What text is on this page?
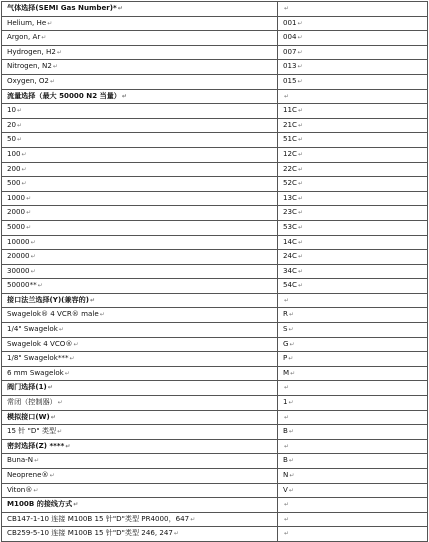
气体选择(SEMI Gas Number)*↵	↵
Helium, He↵	001↵
Argon, Ar↵	004↵
Hydrogen, H2↵	007↵
Nitrogen, N2↵	013↵
Oxygen, O2↵	015↵
流量选择（最大 50000 N2 当量）↵	↵
10↵	11C↵
20↵	21C↵
50↵	51C↵
100↵	12C↵
200↵	22C↵
500↵	52C↵
1000↵	13C↵
2000↵	23C↵
5000↵	53C↵
10000↵	14C↵
20000↵	24C↵
30000↵	34C↵
50000**↵	54C↵
接口法兰选择(Y)(兼容的)↵	↵
Swagelok® 4 VCR® male↵	R↵
1/4" Swagelok↵	S↵
Swagelok 4 VCO®↵	G↵
1/8" Swagelok***↵	P↵
6 mm Swagelok↵	M↵
阀门选择(1)↵	↵
常闭（控制器）↵	1↵
模拟接口(W)↵	↵
15 针 "D" 类型↵	B↵
密封选择(Z) ****↵	↵
Buna-N↵	B↵
Neoprene®↵	N↵
Viton®↵	V↵
M100B 的接线方式↵	↵
CB147-1-10 连接 M100B 15 针"D"类型 PR4000，647↵	↵
CB259-5-10 连接 M100B 15 针"D"类型 246, 247↵	↵
